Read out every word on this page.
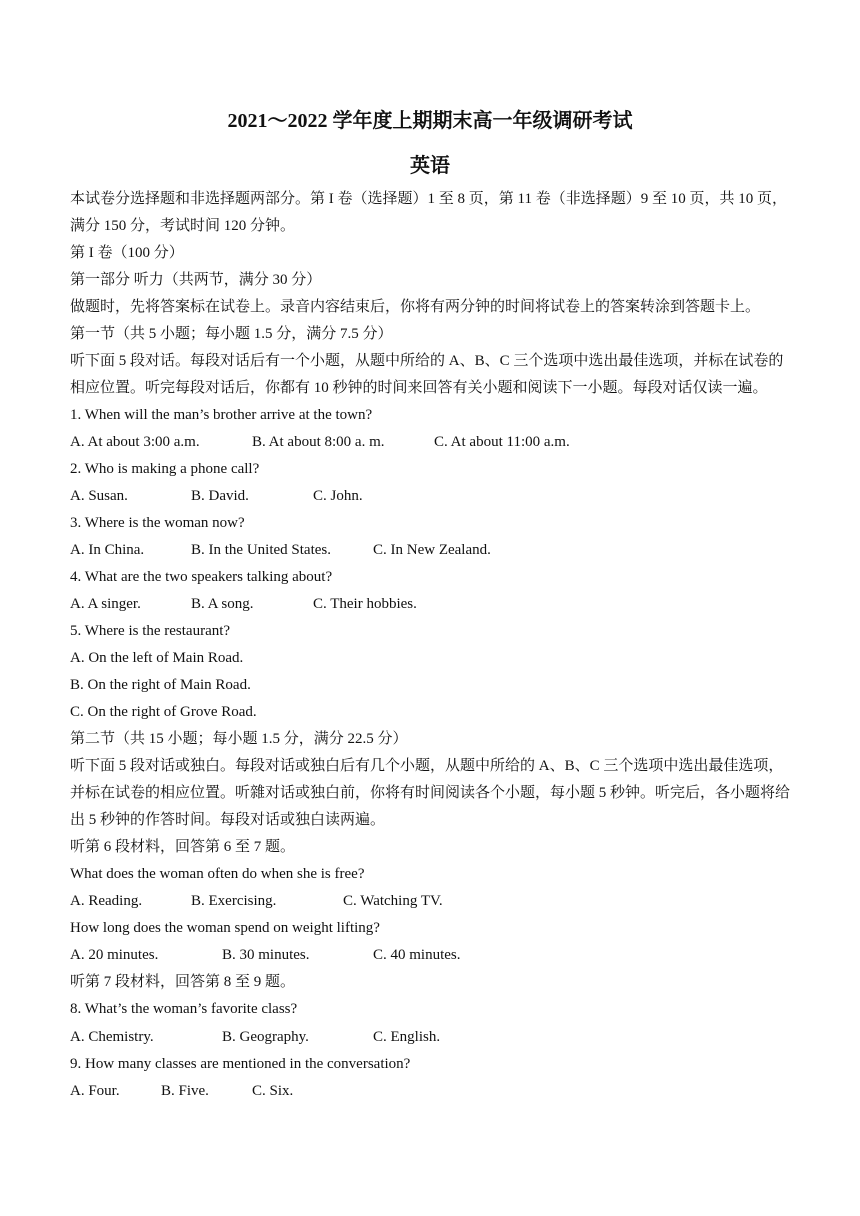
2021～2022 学年度上期期末高一年级调研考试
英语
本试卷分选择题和非选择题两部分。第 I 卷（选择题）1 至 8 页，第 11 卷（非选择题）9 至 10 页，共 10 页，
满分 150 分，考试时间 120 分钟。
第 I 卷（100 分）
第一部分 听力（共两节，满分 30 分）
做题时，先将答案标在试卷上。录音内容结束后，你将有两分钟的时间将试卷上的答案转涂到答题卡上。
第一节（共 5 小题；每小题 1.5 分，满分 7.5 分）
听下面 5 段对话。每段对话后有一个小题，从题中所给的 A、B、C 三个选项中选出最佳选项，并标在试卷的
相应位置。听完每段对话后，你都有 10 秒钟的时间来回答有关小题和阅读下一小题。每段对话仅读一遍。
1. When will the man’s brother arrive at the town?
A. At about 3:00 a.m.	B. At about 8:00 a. m.	C. At about 11:00 a.m.
2. Who is making a phone call?
A. Susan.	B. David.	C. John.
3. Where is the woman now?
A. In China.	B. In the United States.	C. In New Zealand.
4. What are the two speakers talking about?
A. A singer.	B. A song.	C. Their hobbies.
5. Where is the restaurant?
A. On the left of Main Road.
B. On the right of Main Road.
C. On the right of Grove Road.
第二节（共 15 小题；每小题 1.5 分，满分 22.5 分）
听下面 5 段对话或独白。每段对话或独白后有几个小题，从题中所给的 A、B、C 三个选项中选出最佳选项，
并标在试卷的相应位置。听雜对话或独白前，你将有时间阅读各个小题，每小题 5 秒钟。听完后，各小题将给
出 5 秒钟的作答时间。每段对话或独白读两遍。
听第 6 段材料，回答第 6 至 7 题。
What does the woman often do when she is free?
A. Reading.	B. Exercising.	C. Watching TV.
How long does the woman spend on weight lifting?
A. 20 minutes.	B. 30 minutes.	C. 40 minutes.
听第 7 段材料，回答第 8 至 9 题。
8. What’s the woman’s favorite class?
A. Chemistry.	B. Geography.	C. English.
9. How many classes are mentioned in the conversation?
A. Four.	B. Five.	C. Six.
